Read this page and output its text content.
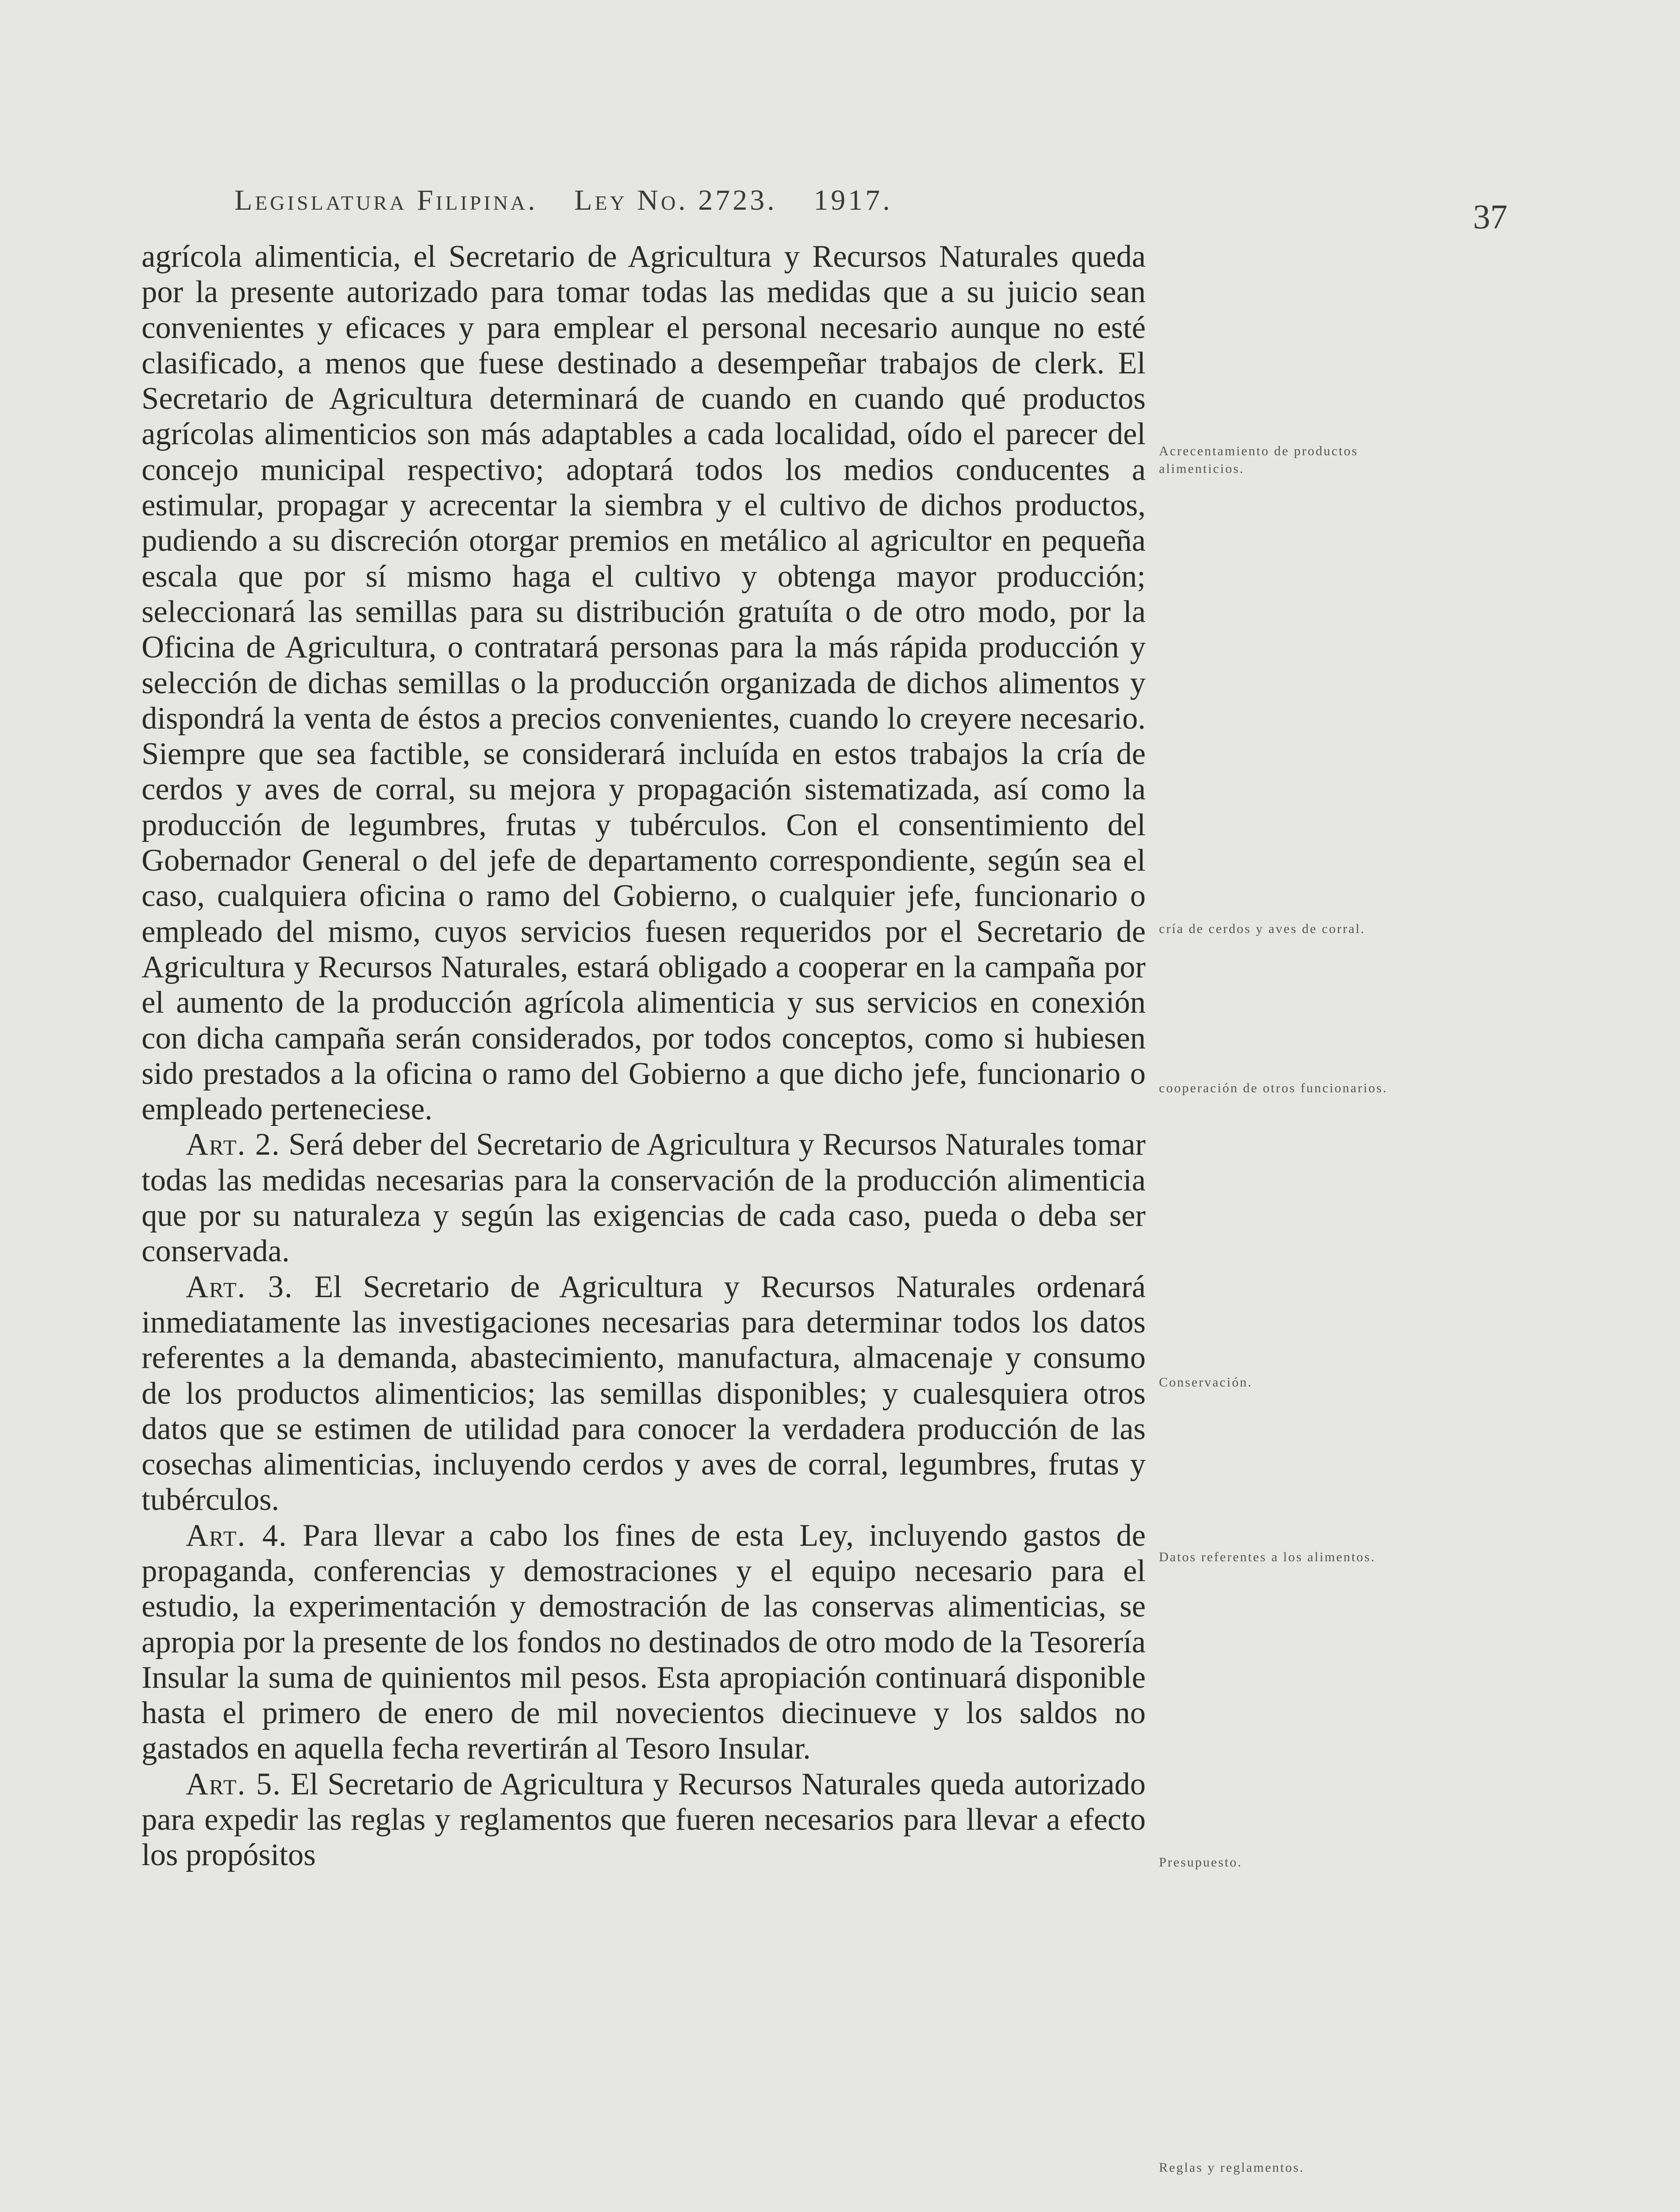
Legislatura Filipina. Ley No. 2723. 1917.	37

agrícola alimenticia, el Secretario de Agricultura y Recursos Naturales queda por la presente autorizado para tomar todas las medidas que a su juicio sean convenientes y eficaces y para emplear el personal necesario aunque no esté clasificado, a menos que fuese destinado a desempeñar trabajos de clerk. El Secretario de Agricultura determinará de cuando en cuando qué productos agrícolas alimenticios son más adaptables a cada localidad, oído el parecer del concejo municipal respectivo; adoptará todos los medios conducentes a estimular, propagar y acrecentar la siembra y el cultivo de dichos productos, pudiendo a su discreción otorgar premios en metálico al agricultor en pequeña escala que por sí mismo haga el cultivo y obtenga mayor producción; seleccionará las semillas para su distribución gratuíta o de otro modo, por la Oficina de Agricultura, o contratará personas para la más rápida producción y selección de dichas semillas o la producción organizada de dichos alimentos y dispondrá la venta de éstos a precios convenientes, cuando lo creyere necesario. Siempre que sea factible, se considerará incluída en estos trabajos la cría de cerdos y aves de corral, su mejora y propagación sistematizada, así como la producción de legumbres, frutas y tubérculos. Con el consentimiento del Gobernador General o del jefe de departamento correspondiente, según sea el caso, cualquiera oficina o ramo del Gobierno, o cualquier jefe, funcionario o empleado del mismo, cuyos servicios fuesen requeridos por el Secretario de Agricultura y Recursos Naturales, estará obligado a cooperar en la campaña por el aumento de la producción agrícola alimenticia y sus servicios en conexión con dicha campaña serán considerados, por todos conceptos, como si hubiesen sido prestados a la oficina o ramo del Gobierno a que dicho jefe, funcionario o empleado perteneciese.

Art. 2. Será deber del Secretario de Agricultura y Recursos Naturales tomar todas las medidas necesarias para la conservación de la producción alimenticia que por su naturaleza y según las exigencias de cada caso, pueda o deba ser conservada.

Art. 3. El Secretario de Agricultura y Recursos Naturales ordenará inmediatamente las investigaciones necesarias para determinar todos los datos referentes a la demanda, abastecimiento, manufactura, almacenaje y consumo de los productos alimenticios; las semillas disponibles; y cualesquiera otros datos que se estimen de utilidad para conocer la verdadera producción de las cosechas alimenticias, incluyendo cerdos y aves de corral, legumbres, frutas y tubérculos.

Art. 4. Para llevar a cabo los fines de esta Ley, incluyendo gastos de propaganda, conferencias y demostraciones y el equipo necesario para el estudio, la experimentación y demostración de las conservas alimenticias, se apropia por la presente de los fondos no destinados de otro modo de la Tesorería Insular la suma de quinientos mil pesos. Esta apropiación continuará disponible hasta el primero de enero de mil novecientos diecinueve y los saldos no gastados en aquella fecha revertirán al Tesoro Insular.

Art. 5. El Secretario de Agricultura y Recursos Naturales queda autorizado para expedir las reglas y reglamentos que fueren necesarios para llevar a efecto los propósitos

Acrecentamiento de productos alimenticios.
cría de cerdos y aves de corral.
cooperación de otros funcionarios.
Conservación.
Datos referentes a los alimentos.
Presupuesto.
Reglas y reglamentos.
